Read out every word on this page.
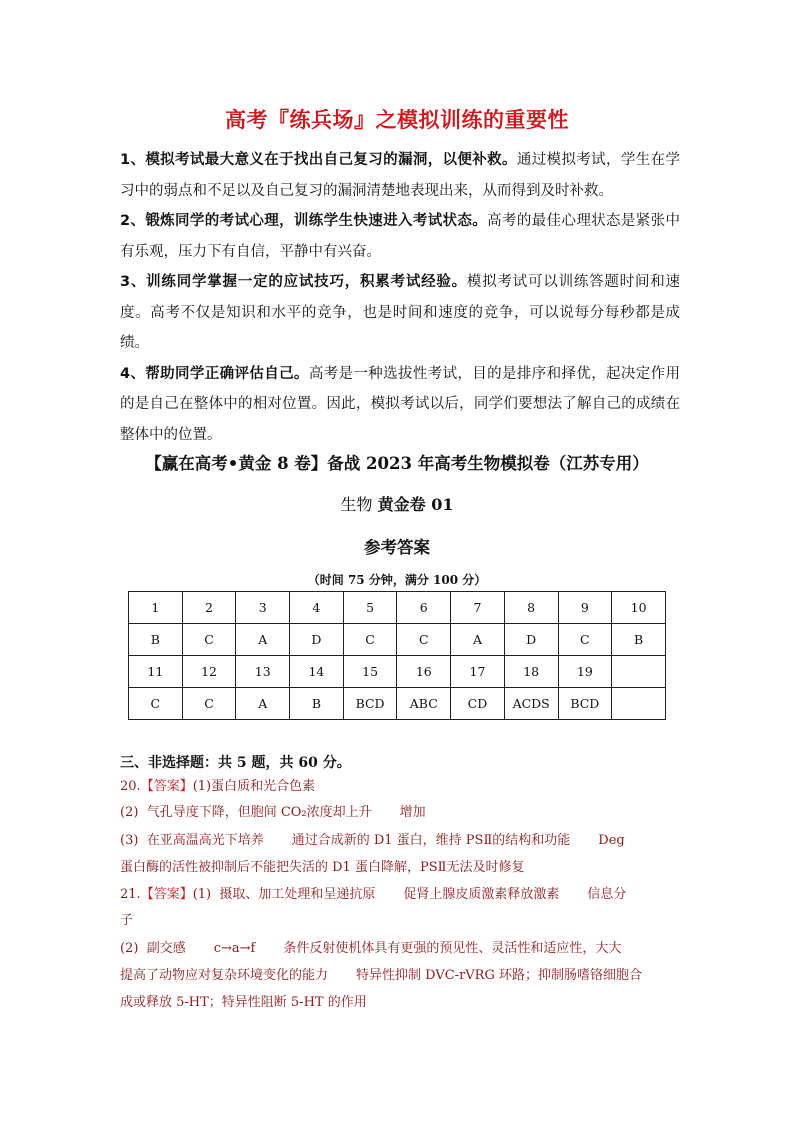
高考『练兵场』之模拟训练的重要性

1、模拟考试最大意义在于找出自己复习的漏洞，以便补救。通过模拟考试，学生在学习中的弱点和不足以及自己复习的漏洞清楚地表现出来，从而得到及时补救。

2、锻炼同学的考试心理，训练学生快速进入考试状态。高考的最佳心理状态是紧张中有乐观，压力下有自信，平静中有兴奋。

3、训练同学掌握一定的应试技巧，积累考试经验。模拟考试可以训练答题时间和速度。高考不仅是知识和水平的竞争，也是时间和速度的竞争，可以说每分每秒都是成绩。

4、帮助同学正确评估自己。高考是一种选拔性考试，目的是排序和择优，起决定作用的是自己在整体中的相对位置。因此，模拟考试以后，同学们要想法了解自己的成绩在整体中的位置。

【赢在高考•黄金 8 卷】备战 2023 年高考生物模拟卷（江苏专用）
生物 黄金卷 01
参考答案
（时间 75 分钟，满分 100 分）
1	2	3	4	5	6	7	8	9	10
B	C	A	D	C	C	A	D	C	B
11	12	13	14	15	16	17	18	19	
C	C	A	B	BCD	ABC	CD	ACDS	BCD	
三、非选择题：共 5 题，共 60 分。
20.【答案】(1)蛋白质和光合色素
(2) 气孔导度下降，但胞间 CO₂浓度却上升 增加
(3) 在亚高温高光下培养 通过合成新的 D1 蛋白，维持 PSⅡ的结构和功能 Deg
蛋白酶的活性被抑制后不能把失活的 D1 蛋白降解，PSⅡ无法及时修复
21.【答案】(1) 摄取、加工处理和呈递抗原 促肾上腺皮质激素释放激素 信息分
子
(2) 副交感 c→a→f 条件反射使机体具有更强的预见性、灵活性和适应性，大大
提高了动物应对复杂环境变化的能力 特异性抑制 DVC-rVRG 环路；抑制肠嗜铬细胞合
成或释放 5-HT；特异性阻断 5-HT 的作用
